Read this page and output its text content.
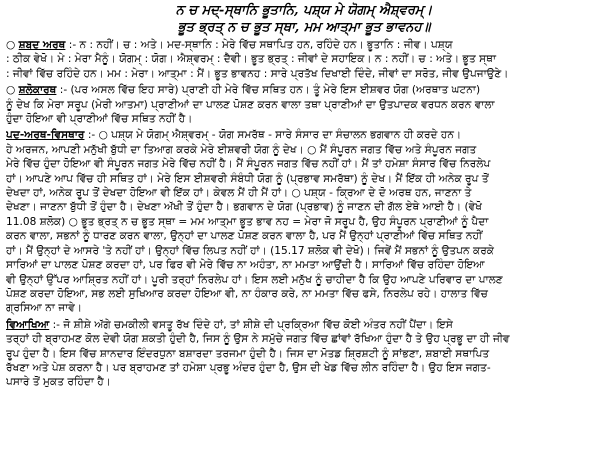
ਨ ਚ ਮਦ੍-ਸ੍ਥਾਨਿ ਭੂਤਾਨਿ, ਪਸ਼੍ਯ ਮੇ ਯੋਗਮ੍ ਐਸ਼੍ਵਰਮ੍।

ਭੂਤ ਭ੍ਰਤ੍ ਨ ਚ ਭੂਤ ਸ੍ਥਾ, ਮਮ ਆਤ੍ਮਾ ਭੂਤ ਭਾਵਨਹ॥

○ ਸ਼ਬਦ ਅਰਥ :- ਨ : ਨਹੀਂ। ਚ : ਅਤੇ। ਮਦ-ਸ੍ਥਾਨਿ : ਮੇਰੇ ਵਿੱਚ ਸਥਾਪਿਤ ਹਨ, ਰਹਿੰਦੇ ਹਨ। ਭੂਤਾਨਿ : ਜੀਵ। ਪਸ਼੍ਯ
: ਠੀਕ ਵੇਖੋ। ਮੇ : ਮੇਰਾ ਮੈਨੂੰ। ਯੋਗਮ੍ : ਯੋਗ। ਐਸ਼੍ਵਰਮ੍ : ਦੈਵੀ। ਭੂਤ ਭ੍ਰਤ੍ : ਜੀਵਾਂ ਦੇ ਸਹਾਇਕ। ਨ : ਨਹੀਂ। ਚ : ਅਤੇ। ਭੂਤ ਸ੍ਥਾ
: ਜੀਵਾਂ ਵਿੱਚ ਰਹਿੰਦੇ ਹਨ। ਮਮ : ਮੇਰਾ। ਆਤ੍ਮਾ : ਮੈਂ। ਭੂਤ ਭਾਵਨਹ : ਸਾਰੇ ਪ੍ਰਤੱਖ ਦਿਖਾਈ ਦਿੰਦੇ, ਜੀਵਾਂ ਦਾ ਸਰੋਤ, ਜੀਵ ਉਪਜਾਉਣੇ।
○ ਸ਼ਲੋਕਾਰਥ :- (ਪਰ ਅਸਲ ਵਿੱਚ ਇਹ ਸਾਰੇ) ਪ੍ਰਾਣੀ ਹੀ ਮੇਰੇ ਵਿੱਚ ਸਥਿਤ ਹਨ। ਤੂੰ ਮੇਰੇ ਇਸ ਈਸ਼ਵਰ ਯੋਗ (ਅਰਥਾਤ ਘਟਨਾ)
ਨੂੰ ਦੇਖ ਕਿ ਮੇਰਾ ਸਰੂਪ (ਮੇਰੀ ਆਤਮਾ) ਪ੍ਰਾਣੀਆਂ ਦਾ ਪਾਲਣ ਪੋਸ਼ਣ ਕਰਨ ਵਾਲਾ ਤਥਾ ਪ੍ਰਾਣੀਆਂ ਦਾ ਉਤਪਾਦਕ ਵਰਧਨ ਕਰਨ ਵਾਲਾ
ਹੁੰਦਾ ਹੋਇਆ ਵੀ ਪ੍ਰਾਣੀਆਂ ਵਿੱਚ ਸਥਿਤ ਨਹੀਂ ਹੈ।
ਪਦ-ਅਰਥ-ਵਿਸਥਾਰ :- ○ ਪਸ਼੍ਯ ਮੇ ਯੋਗਮ੍ ਐਸ਼੍ਵਰਮ੍ - ਯੋਗ ਸਮਰੱਥ - ਸਾਰੇ ਸੰਸਾਰ ਦਾ ਸੰਚਾਲਨ ਭਗਵਾਨ ਹੀ ਕਰਦੇ ਹਨ।
ਹੇ ਅਰਜਨ, ਆਪਣੀ ਮਨੁੱਖੀ ਬੁੱਧੀ ਦਾ ਤਿਆਗ ਕਰਕੇ ਮੇਰੇ ਈਸ਼ਵਰੀ ਯੋਗ ਨੂੰ ਦੇਖ। ○ ਮੈਂ ਸੰਪੂਰਨ ਜਗਤ ਵਿੱਚ ਅਤੇ ਸੰਪੂਰਨ ਜਗਤ
ਮੇਰੇ ਵਿੱਚ ਹੁੰਦਾ ਹੋਇਆ ਵੀ ਸੰਪੂਰਨ ਜਗਤ ਮੇਰੇ ਵਿੱਚ ਨਹੀਂ ਹੈ। ਮੈਂ ਸੰਪੂਰਨ ਜਗਤ ਵਿੱਚ ਨਹੀਂ ਹਾਂ। ਮੈਂ ਤਾਂ ਹਮੇਸ਼ਾ ਸੰਸਾਰ ਵਿੱਚ ਨਿਰਲੇਪ
ਹਾਂ। ਆਪਣੇ ਆਪ ਵਿੱਚ ਹੀ ਸਥਿਤ ਹਾਂ। ਮੇਰੇ ਇਸ ਈਸ਼ਵਰੀ ਸੰਬੰਧੀ ਯੋਗ ਨੂੰ (ਪ੍ਰਭਾਵ ਸਮਰੱਥਾ) ਨੂੰ ਦੇਖ। ਮੈਂ ਇੱਕ ਹੀ ਅਨੇਕ ਰੂਪ ਤੋਂ
ਦੇਖਦਾ ਹਾਂ, ਅਨੇਕ ਰੂਪ ਤੋਂ ਦੇਖਦਾ ਹੋਇਆ ਵੀ ਇੱਕ ਹਾਂ। ਕੇਵਲ ਮੈਂ ਹੀ ਮੈਂ ਹਾਂ। ○ ਪਸ਼੍ਯ - ਕ੍ਰਿਆ ਦੇ ਦੋ ਅਰਥ ਹਨ, ਜਾਣਨਾ ਤੇ
ਦੇਖਣਾ। ਜਾਣਨਾ ਬੁੱਧੀ ਤੋਂ ਹੁੰਦਾ ਹੈ। ਦੇਖਣਾ ਅੱਖੀ ਤੋਂ ਹੁੰਦਾ ਹੈ। ਭਗਵਾਨ ਦੇ ਯੋਗ (ਪ੍ਰਭਾਵ) ਨੂੰ ਜਾਣਨ ਦੀ ਗੱਲ ਏਥੇ ਆਈ ਹੈ। (ਵੇਖੋ
11.08 ਸ਼ਲੋਕ) ○ ਭੂਤ ਭ੍ਰਤ੍ ਨ ਚ ਭੂਤ ਸ੍ਥਾ = ਮਮ ਆਤ੍ਮਾ ਭੂਤ ਭਾਵ ਨਹ = ਮੇਰਾ ਜੋ ਸਰੂਪ ਹੈ, ਉਹ ਸੰਪੂਰਨ ਪ੍ਰਾਣੀਆਂ ਨੂੰ ਪੈਦਾ
ਕਰਨ ਵਾਲਾ, ਸਭਨਾਂ ਨੂੰ ਧਾਰਣ ਕਰਨ ਵਾਲਾ, ਉਨ੍ਹਾਂ ਦਾ ਪਾਲਣ ਪੋਸ਼ਣ ਕਰਨ ਵਾਲਾ ਹੈ, ਪਰ ਮੈਂ ਉਨ੍ਹਾਂ ਪ੍ਰਾਣੀਆਂ ਵਿੱਚ ਸਥਿਤ ਨਹੀਂ
ਹਾਂ। ਮੈਂ ਉਨ੍ਹਾਂ ਦੇ ਆਸਰੇ 'ਤੇ ਨਹੀਂ ਹਾਂ। ਉਨ੍ਹਾਂ ਵਿੱਚ ਲਿਪਤ ਨਹੀਂ ਹਾਂ। (15.17 ਸ਼ਲੋਕ ਵੀ ਦੇਖੋ)। ਜਿਵੇਂ ਮੈਂ ਸਭਨਾਂ ਨੂੰ ਉਤਪਨ ਕਰਕੇ
ਸਾਰਿਆਂ ਦਾ ਪਾਲਣ ਪੋਸ਼ਣ ਕਰਦਾ ਹਾਂ, ਪਰ ਫਿਰ ਵੀ ਮੇਰੇ ਵਿੱਚ ਨਾ ਅਹੰਤਾ, ਨਾ ਮਮਤਾ ਆਉਂਦੀ ਹੈ। ਸਾਰਿਆਂ ਵਿੱਚ ਰਹਿੰਦਾ ਹੋਇਆ
ਵੀ ਉਨ੍ਹਾਂ ਉੱਪਰ ਆਸ਼੍ਰਿਤ ਨਹੀਂ ਹਾਂ। ਪੂਰੀ ਤਰ੍ਹਾਂ ਨਿਰਲੇਪ ਹਾਂ। ਇਸ ਲਈ ਮਨੁੱਖ ਨੂੰ ਚਾਹੀਦਾ ਹੈ ਕਿ ਉਹ ਆਪਣੇ ਪਰਿਵਾਰ ਦਾ ਪਾਲਣ
ਪੋਸ਼ਣ ਕਰਦਾ ਹੋਇਆ, ਸਭ ਲਈ ਸੁਖਿਆਰ ਕਰਦਾ ਹੋਇਆ ਵੀ, ਨਾ ਹੰਕਾਰ ਕਰੇ, ਨਾ ਮਮਤਾ ਵਿੱਚ ਫਸੇ, ਨਿਰਲੇਪ ਰਹੇ। ਹਾਲਾਤ ਵਿੱਚ
ਗ੍ਰਸਿਆ ਨਾ ਜਾਵੇ।
ਵਿਆਖਿਆ :- ਜੋ ਸ਼ੀਸ਼ੇ ਅੱਗੇ ਚਮਕੀਲੀ ਵਸਤੂ ਰੱਖ ਦਿੰਦੇ ਹਾਂ, ਤਾਂ ਸ਼ੀਸ਼ੇ ਦੀ ਪ੍ਰਕ੍ਰਿਆ ਵਿੱਚ ਕੋਈ ਅੰਤਰ ਨਹੀਂ ਪੈਂਦਾ। ਇਸੇ
ਤਰ੍ਹਾਂ ਹੀ ਬ੍ਰਾਹਮਣ ਕੋਲ ਦੇਵੀ ਯੋਗ ਸ਼ਕਤੀ ਹੁੰਦੀ ਹੈ, ਜਿਸ ਨੂੰ ਉਸ ਨੇ ਸਮੁੱਚੇ ਜਗਤ ਵਿੱਚ ਛਾਂਵਾਂ ਰੱਖਿਆ ਹੁੰਦਾ ਹੈ ਤੇ ਉਹ ਪ੍ਰਭੂ ਦਾ ਹੀ ਜੀਵ
ਰੂਪ ਹੁੰਦਾ ਹੈ। ਇਸ ਵਿੱਚ ਸ਼ਾਨਦਾਰ ਇੰਦਰਧੁਨਾ ਬਸ਼ਾਰਦਾ ਤਰਜਮਾ ਹੁੰਦੀ ਹੈ। ਜਿਸ ਦਾ ਮੋਤਡ ਸ਼੍ਰਿਸ਼ਟੀ ਨੂੰ ਸਾਂਭਣਾ, ਸ਼ਬਾਈ ਸਥਾਪਿਤ
ਰੱਖਣਾ ਅਤੇ ਪੇਸ਼ ਕਰਨਾ ਹੈ। ਪਰ ਬ੍ਰਾਹਮਣ ਤਾਂ ਹਮੇਸ਼ਾ ਪ੍ਰਭੂ ਅੰਦਰ ਹੁੰਦਾ ਹੈ, ਉਸ ਦੀ ਖੇਡ ਵਿੱਚ ਲੀਨ ਰਹਿੰਦਾ ਹੈ। ਉਹ ਇਸ ਜਗਤ-
ਪਸਾਰੇ ਤੋਂ ਮੁਕਤ ਰਹਿੰਦਾ ਹੈ।
